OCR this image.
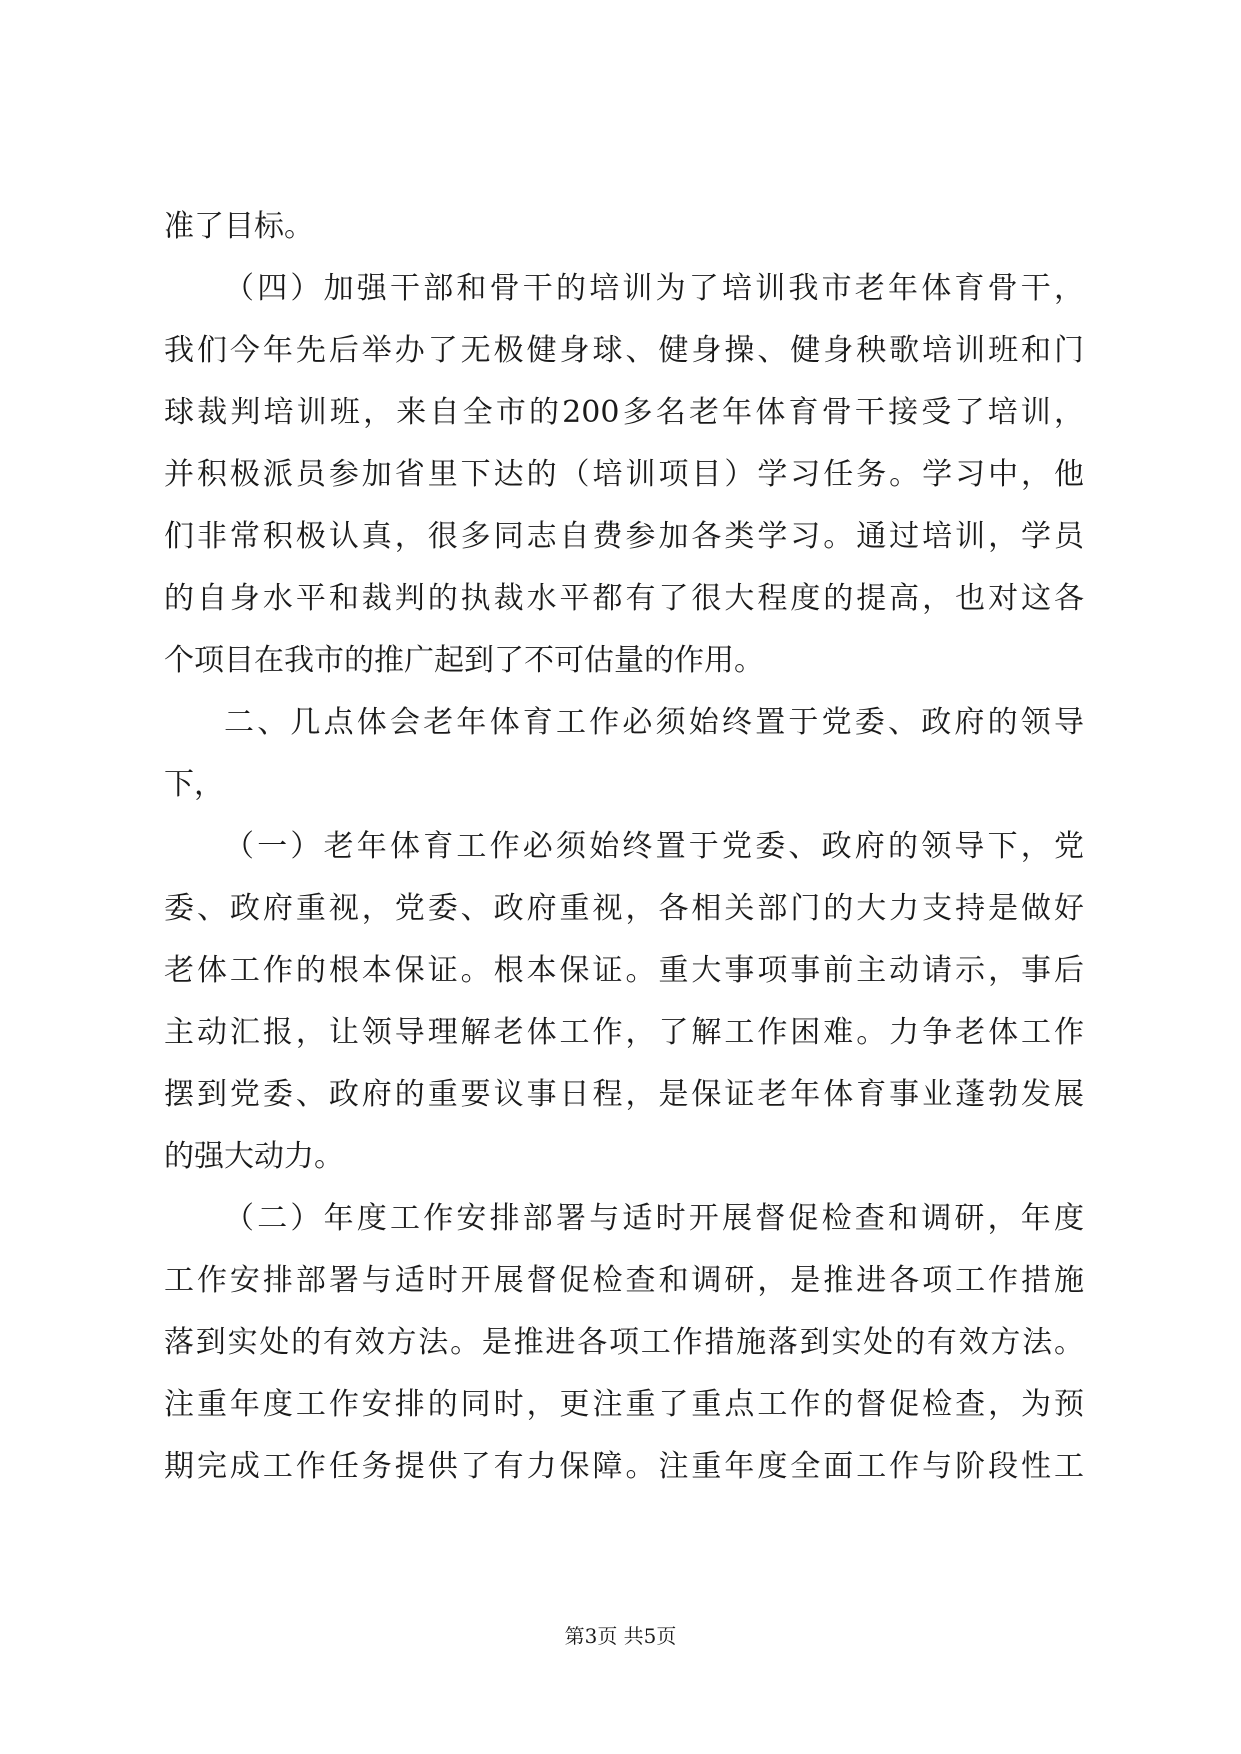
准了目标。
（四）加强干部和骨干的培训为了培训我市老年体育骨干，
我们今年先后举办了无极健身球、健身操、健身秧歌培训班和门
球裁判培训班，来自全市的200多名老年体育骨干接受了培训，
并积极派员参加省里下达的（培训项目）学习任务。学习中，他
们非常积极认真，很多同志自费参加各类学习。通过培训，学员
的自身水平和裁判的执裁水平都有了很大程度的提高，也对这各
个项目在我市的推广起到了不可估量的作用。
二、几点体会老年体育工作必须始终置于党委、政府的领导
下，
（一）老年体育工作必须始终置于党委、政府的领导下，党
委、政府重视，党委、政府重视，各相关部门的大力支持是做好
老体工作的根本保证。根本保证。重大事项事前主动请示，事后
主动汇报，让领导理解老体工作，了解工作困难。力争老体工作
摆到党委、政府的重要议事日程，是保证老年体育事业蓬勃发展
的强大动力。
（二）年度工作安排部署与适时开展督促检查和调研，年度
工作安排部署与适时开展督促检查和调研，是推进各项工作措施
落到实处的有效方法。是推进各项工作措施落到实处的有效方法。
注重年度工作安排的同时，更注重了重点工作的督促检查，为预
期完成工作任务提供了有力保障。注重年度全面工作与阶段性工
第3页 共5页
